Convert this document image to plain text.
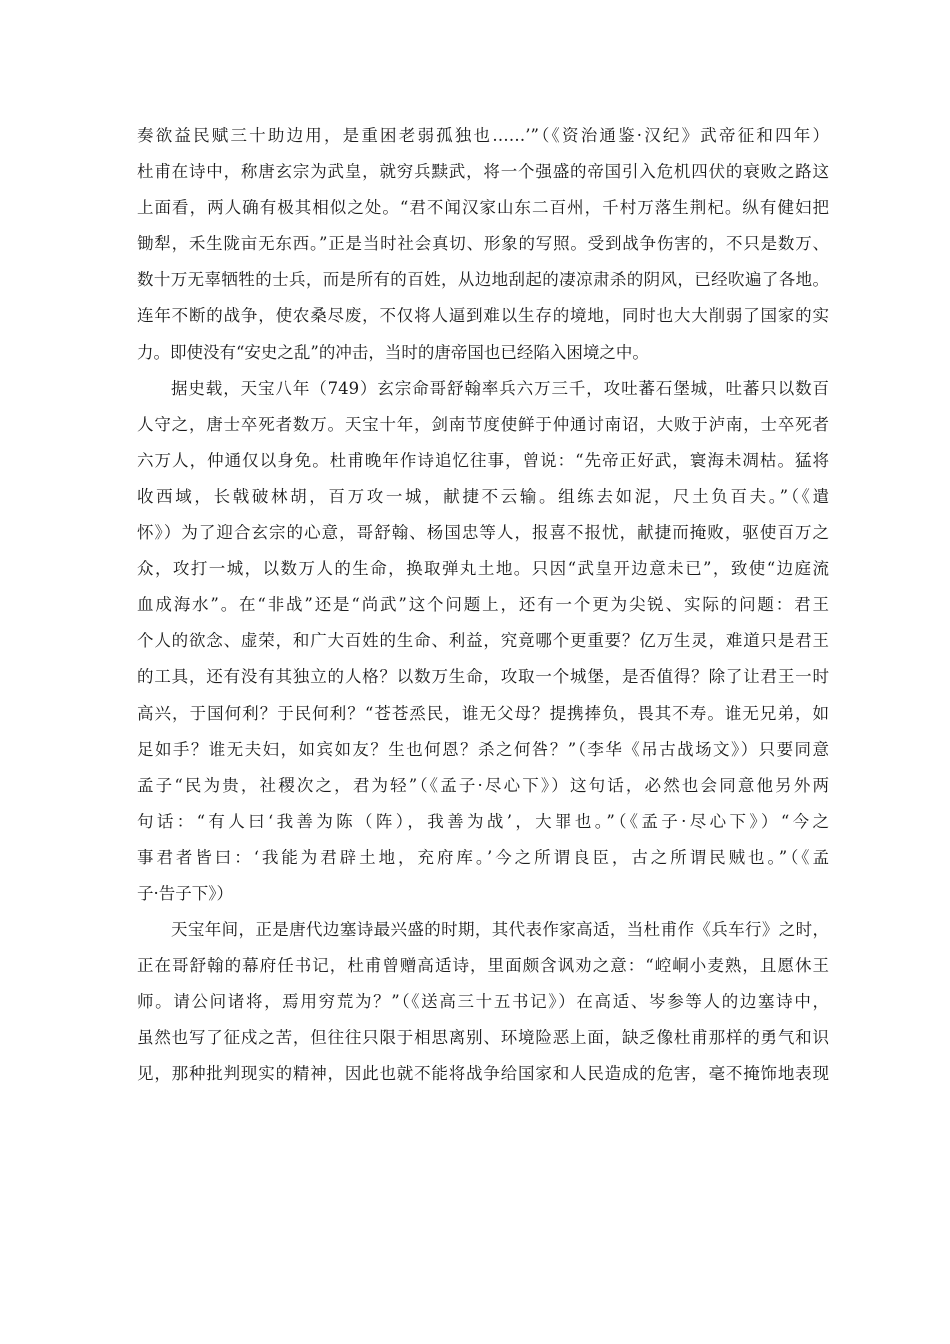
奏欲益民赋三十助边用，是重困老弱孤独也……’”（《资治通鉴·汉纪》武帝征和四年）
杜甫在诗中，称唐玄宗为武皇，就穷兵黩武，将一个强盛的帝国引入危机四伏的衰败之路这
上面看，两人确有极其相似之处。“君不闻汉家山东二百州，千村万落生荆杞。纵有健妇把
锄犁，禾生陇亩无东西。”正是当时社会真切、形象的写照。受到战争伤害的，不只是数万、
数十万无辜牺牲的士兵，而是所有的百姓，从边地刮起的凄凉肃杀的阴风，已经吹遍了各地。
连年不断的战争，使农桑尽废，不仅将人逼到难以生存的境地，同时也大大削弱了国家的实
力。即使没有“安史之乱”的冲击，当时的唐帝国也已经陷入困境之中。
据史载，天宝八年（749）玄宗命哥舒翰率兵六万三千，攻吐蕃石堡城，吐蕃只以数百
人守之，唐士卒死者数万。天宝十年，剑南节度使鲜于仲通讨南诏，大败于泸南，士卒死者
六万人，仲通仅以身免。杜甫晚年作诗追忆往事，曾说：“先帝正好武，寰海未凋枯。猛将
收西域，长戟破林胡，百万攻一城，献捷不云输。组练去如泥，尺土负百夫。”（《遣
怀》）为了迎合玄宗的心意，哥舒翰、杨国忠等人，报喜不报忧，献捷而掩败，驱使百万之
众，攻打一城，以数万人的生命，换取弹丸土地。只因“武皇开边意未已”，致使“边庭流
血成海水”。在“非战”还是“尚武”这个问题上，还有一个更为尖锐、实际的问题：君王
个人的欲念、虚荣，和广大百姓的生命、利益，究竟哪个更重要？亿万生灵，难道只是君王
的工具，还有没有其独立的人格？以数万生命，攻取一个城堡，是否值得？除了让君王一时
高兴，于国何利？于民何利？“苍苍烝民，谁无父母？提携捧负，畏其不寿。谁无兄弟，如
足如手？谁无夫妇，如宾如友？生也何恩？杀之何咎？”（李华《吊古战场文》）只要同意
孟子“民为贵，社稷次之，君为轻”（《孟子·尽心下》）这句话，必然也会同意他另外两
句话：“有人曰‘我善为陈（阵），我善为战’，大罪也。”（《孟子·尽心下》）“今之
事君者皆曰：‘我能为君辟土地，充府库。’今之所谓良臣，古之所谓民贼也。”（《孟
子·告子下》）
天宝年间，正是唐代边塞诗最兴盛的时期，其代表作家高适，当杜甫作《兵车行》之时，
正在哥舒翰的幕府任书记，杜甫曾赠高适诗，里面颇含讽劝之意：“崆峒小麦熟，且愿休王
师。请公问诸将，焉用穷荒为？”（《送高三十五书记》）在高适、岑参等人的边塞诗中，
虽然也写了征戍之苦，但往往只限于相思离别、环境险恶上面，缺乏像杜甫那样的勇气和识
见，那种批判现实的精神，因此也就不能将战争给国家和人民造成的危害，毫不掩饰地表现
